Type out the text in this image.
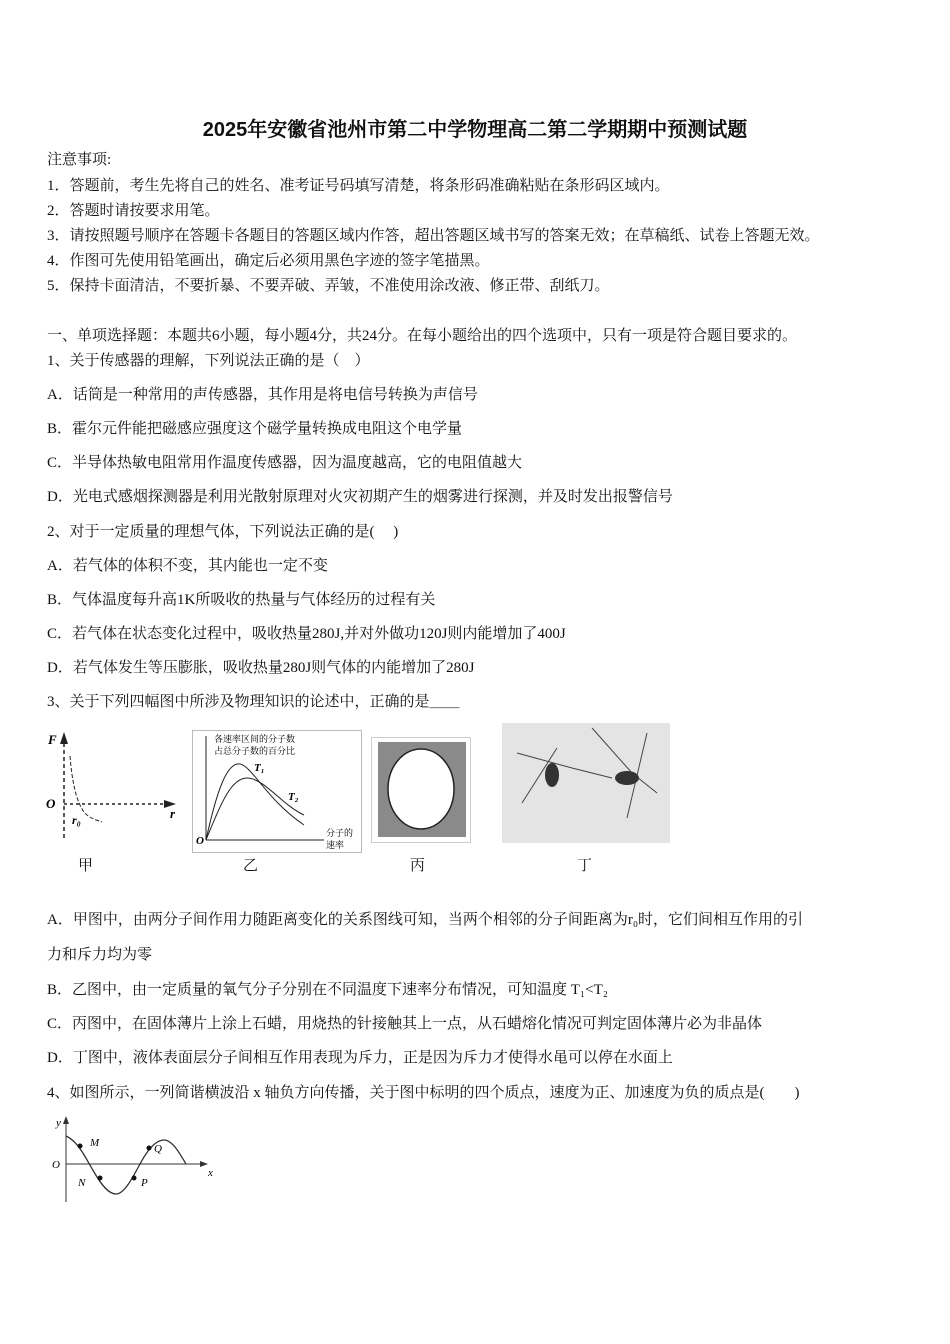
2025年安徽省池州市第二中学物理高二第二学期期中预测试题
注意事项:
1．答题前，考生先将自己的姓名、准考证号码填写清楚，将条形码准确粘贴在条形码区域内。
2．答题时请按要求用笔。
3．请按照题号顺序在答题卡各题目的答题区域内作答，超出答题区域书写的答案无效；在草稿纸、试卷上答题无效。
4．作图可先使用铅笔画出，确定后必须用黑色字迹的签字笔描黑。
5．保持卡面清洁，不要折暴、不要弄破、弄皱，不准使用涂改液、修正带、刮纸刀。
一、单项选择题：本题共6小题，每小题4分，共24分。在每小题给出的四个选项中，只有一项是符合题目要求的。
1、关于传感器的理解，下列说法正确的是（　）
A．话筒是一种常用的声传感器，其作用是将电信号转换为声信号
B．霍尔元件能把磁感应强度这个磁学量转换成电阻这个电学量
C．半导体热敏电阻常用作温度传感器，因为温度越高，它的电阻值越大
D．光电式感烟探测器是利用光散射原理对火灾初期产生的烟雾进行探测，并及时发出报警信号
2、对于一定质量的理想气体，下列说法正确的是(　 )
A．若气体的体积不变，其内能也一定不变
B．气体温度每升高1K所吸收的热量与气体经历的过程有关
C．若气体在状态变化过程中，吸收热量280J,并对外做功120J则内能增加了400J
D．若气体发生等压膨胀，吸收热量280J则气体的内能增加了280J
3、关于下列四幅图中所涉及物理知识的论述中，正确的是＿＿
F
O
r
r₀
各速率区间的分子数
占总分子数的百分比
O
分子的
速率
T₁
T₂
甲	乙	丙	丁
A．甲图中，由两分子间作用力随距离变化的关系图线可知，当两个相邻的分子间距离为r₀时，它们间相互作用的引
力和斥力均为零
B．乙图中，由一定质量的氧气分子分别在不同温度下速率分布情况，可知温度 T₁<T₂
C．丙图中，在固体薄片上涂上石蜡，用烧热的针接触其上一点，从石蜡熔化情况可判定固体薄片必为非晶体
D．丁图中，液体表面层分子间相互作用表现为斥力，正是因为斥力才使得水黾可以停在水面上
4、如图所示，一列简谐横波沿 x 轴负方向传播，关于图中标明的四个质点，速度为正、加速度为负的质点是(　　)
y
x
O
M
N	P
Q
